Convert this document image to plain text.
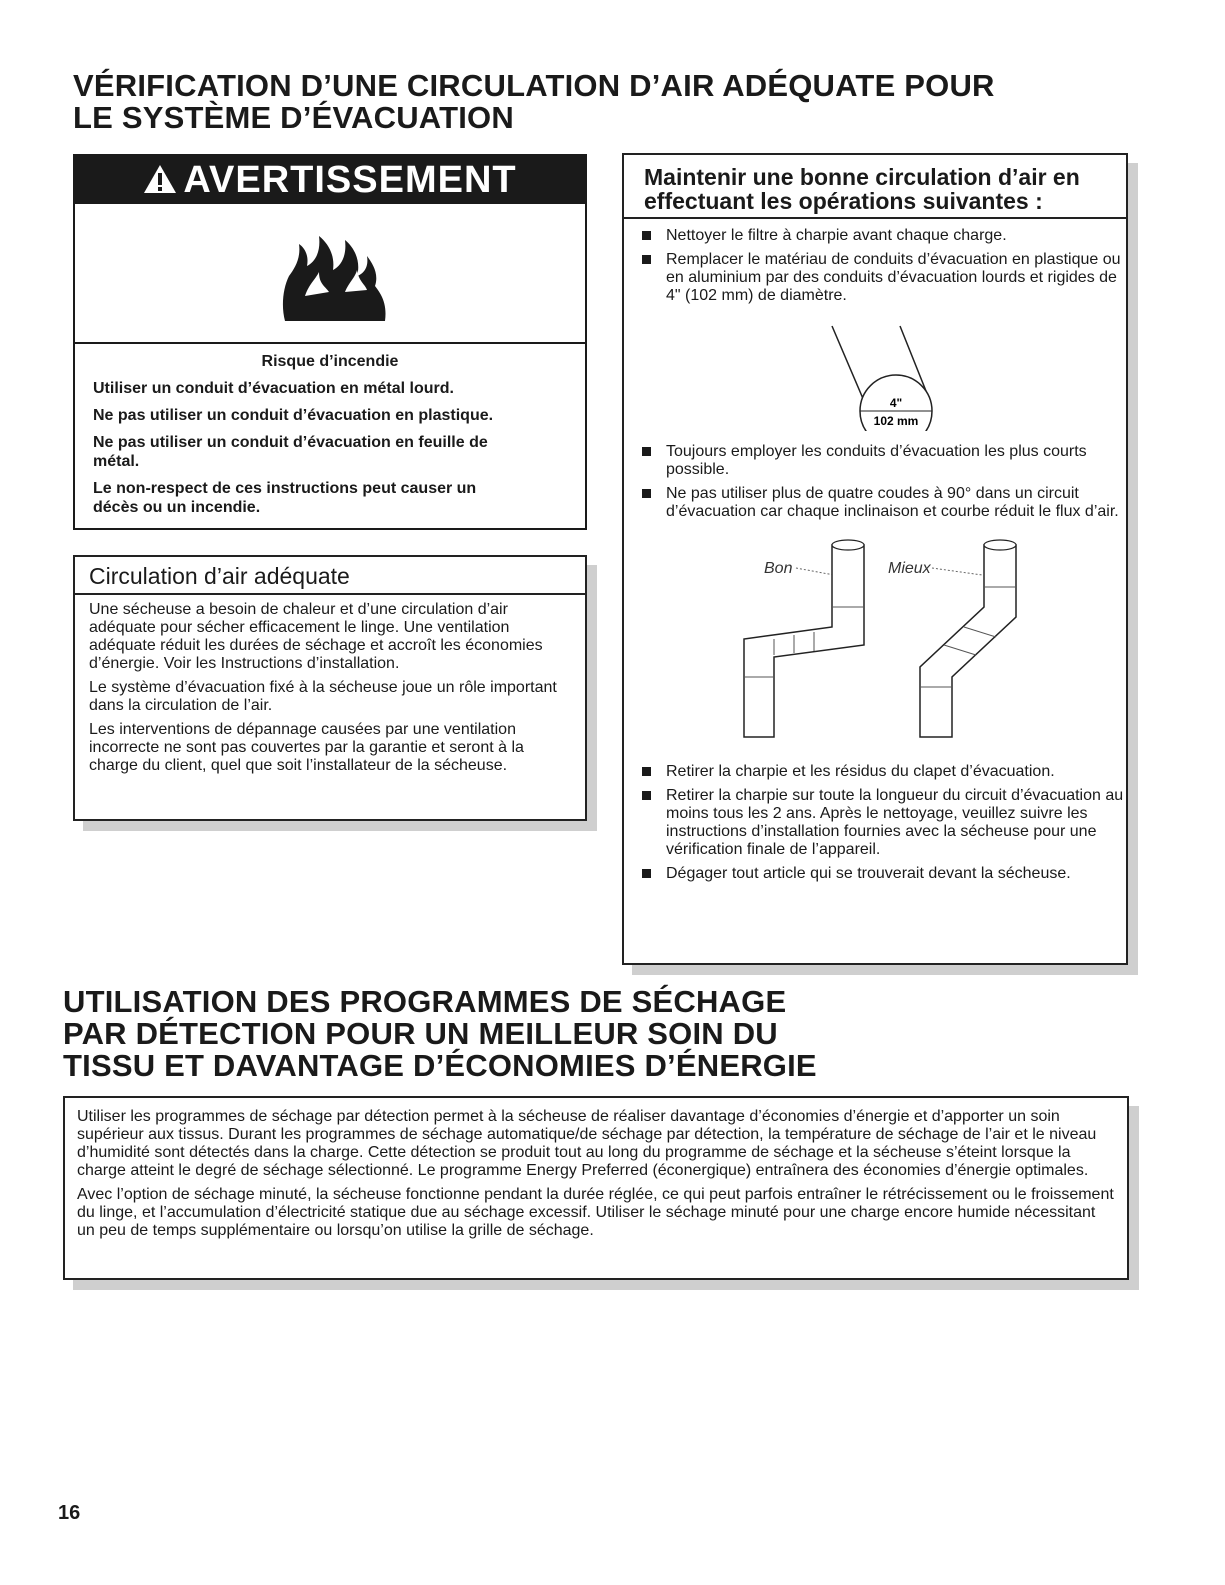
VÉRIFICATION D’UNE CIRCULATION D’AIR ADÉQUATE POUR
LE SYSTÈME D’ÉVACUATION
AVERTISSEMENT

Risque d’incendie

Utiliser un conduit d’évacuation en métal lourd.

Ne pas utiliser un conduit d’évacuation en plastique.

Ne pas utiliser un conduit d’évacuation en feuille de métal.

Le non-respect de ces instructions peut causer un décès ou un incendie.

Circulation d’air adéquate

Une sécheuse a besoin de chaleur et d’une circulation d’air adéquate pour sécher efficacement le linge. Une ventilation adéquate réduit les durées de séchage et accroît les économies d’énergie. Voir les Instructions d’installation.

Le système d’évacuation fixé à la sécheuse joue un rôle important dans la circulation de l’air.

Les interventions de dépannage causées par une ventilation incorrecte ne sont pas couvertes par la garantie et seront à la charge du client, quel que soit l’installateur de la sécheuse.

Maintenir une bonne circulation d’air en effectuant les opérations suivantes :
Nettoyer le filtre à charpie avant chaque charge.
Remplacer le matériau de conduits d’évacuation en plastique ou en aluminium par des conduits d’évacuation lourds et rigides de 4" (102 mm) de diamètre.
4"
102 mm
Toujours employer les conduits d’évacuation les plus courts possible.
Ne pas utiliser plus de quatre coudes à 90° dans un circuit d’évacuation car chaque inclinaison et courbe réduit le flux d’air.
Bon	Mieux
Retirer la charpie et les résidus du clapet d’évacuation.
Retirer la charpie sur toute la longueur du circuit d’évacuation au moins tous les 2 ans. Après le nettoyage, veuillez suivre les instructions d’installation fournies avec la sécheuse pour une vérification finale de l’appareil.
Dégager tout article qui se trouverait devant la sécheuse.
UTILISATION DES PROGRAMMES DE SÉCHAGE
PAR DÉTECTION POUR UN MEILLEUR SOIN DU
TISSU ET DAVANTAGE D’ÉCONOMIES D’ÉNERGIE

Utiliser les programmes de séchage par détection permet à la sécheuse de réaliser davantage d’économies d’énergie et d’apporter un soin supérieur aux tissus. Durant les programmes de séchage automatique/de séchage par détection, la température de séchage de l’air et le niveau d’humidité sont détectés dans la charge. Cette détection se produit tout au long du programme de séchage et la sécheuse s’éteint lorsque la charge atteint le degré de séchage sélectionné. Le programme Energy Preferred (éconergique) entraînera des économies d’énergie optimales.

Avec l’option de séchage minuté, la sécheuse fonctionne pendant la durée réglée, ce qui peut parfois entraîner le rétrécissement ou le froissement du linge, et l’accumulation d’électricité statique due au séchage excessif. Utiliser le séchage minuté pour une charge encore humide nécessitant un peu de temps supplémentaire ou lorsqu’on utilise la grille de séchage.

16
